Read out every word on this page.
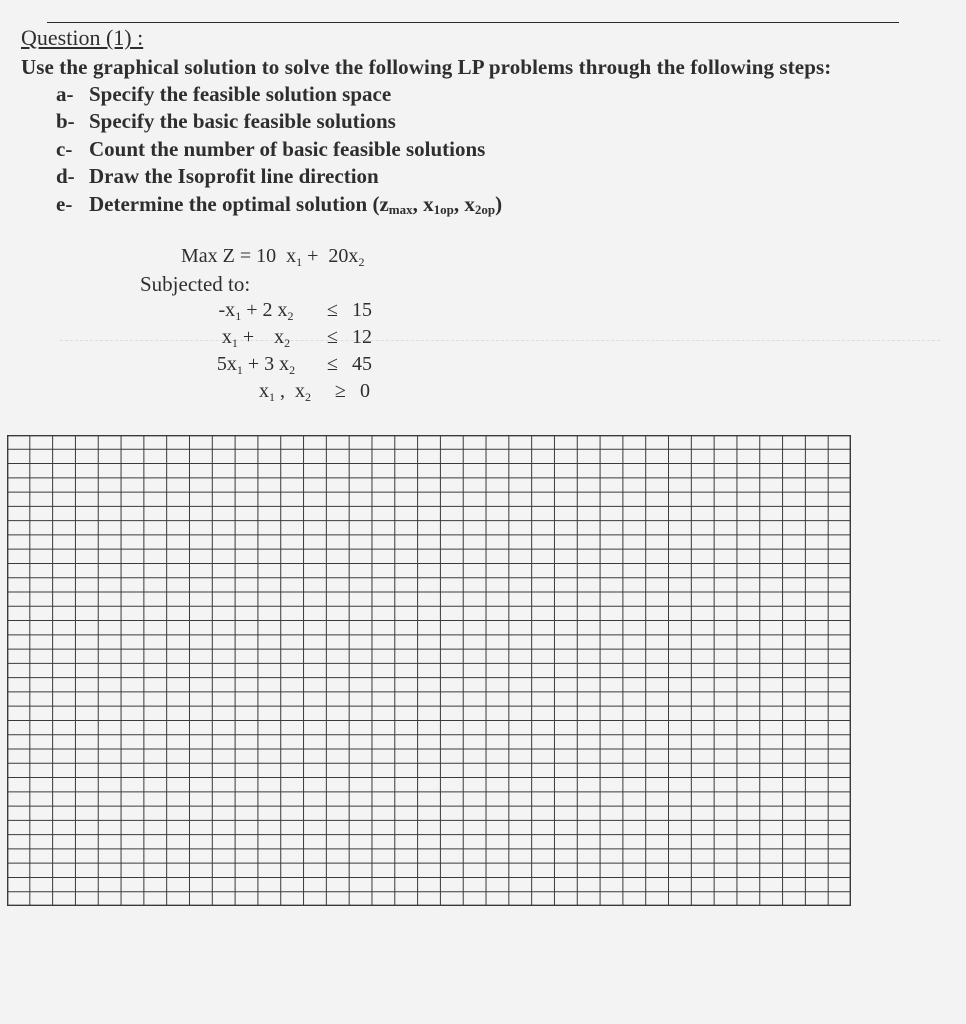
Question (1) :
Use the graphical solution to solve the following LP problems through the following steps:
a- Specify the feasible solution space
b- Specify the basic feasible solutions
c- Count the number of basic feasible solutions
d- Draw the Isoprofit line direction
e- Determine the optimal solution ($z_{max}$, $x_{1op}$, $x_{2op}$)
Max Z = 10  $x_1 + 20x_2$
Subjected to:
$-x_1 + 2$ $x_2 \le 15$
$x_1$ +    $x_2 \le 12$
$5x_1 + 3$ $x_2 \le 45$
$x_1$ ,  $x_2 \ge 0$
